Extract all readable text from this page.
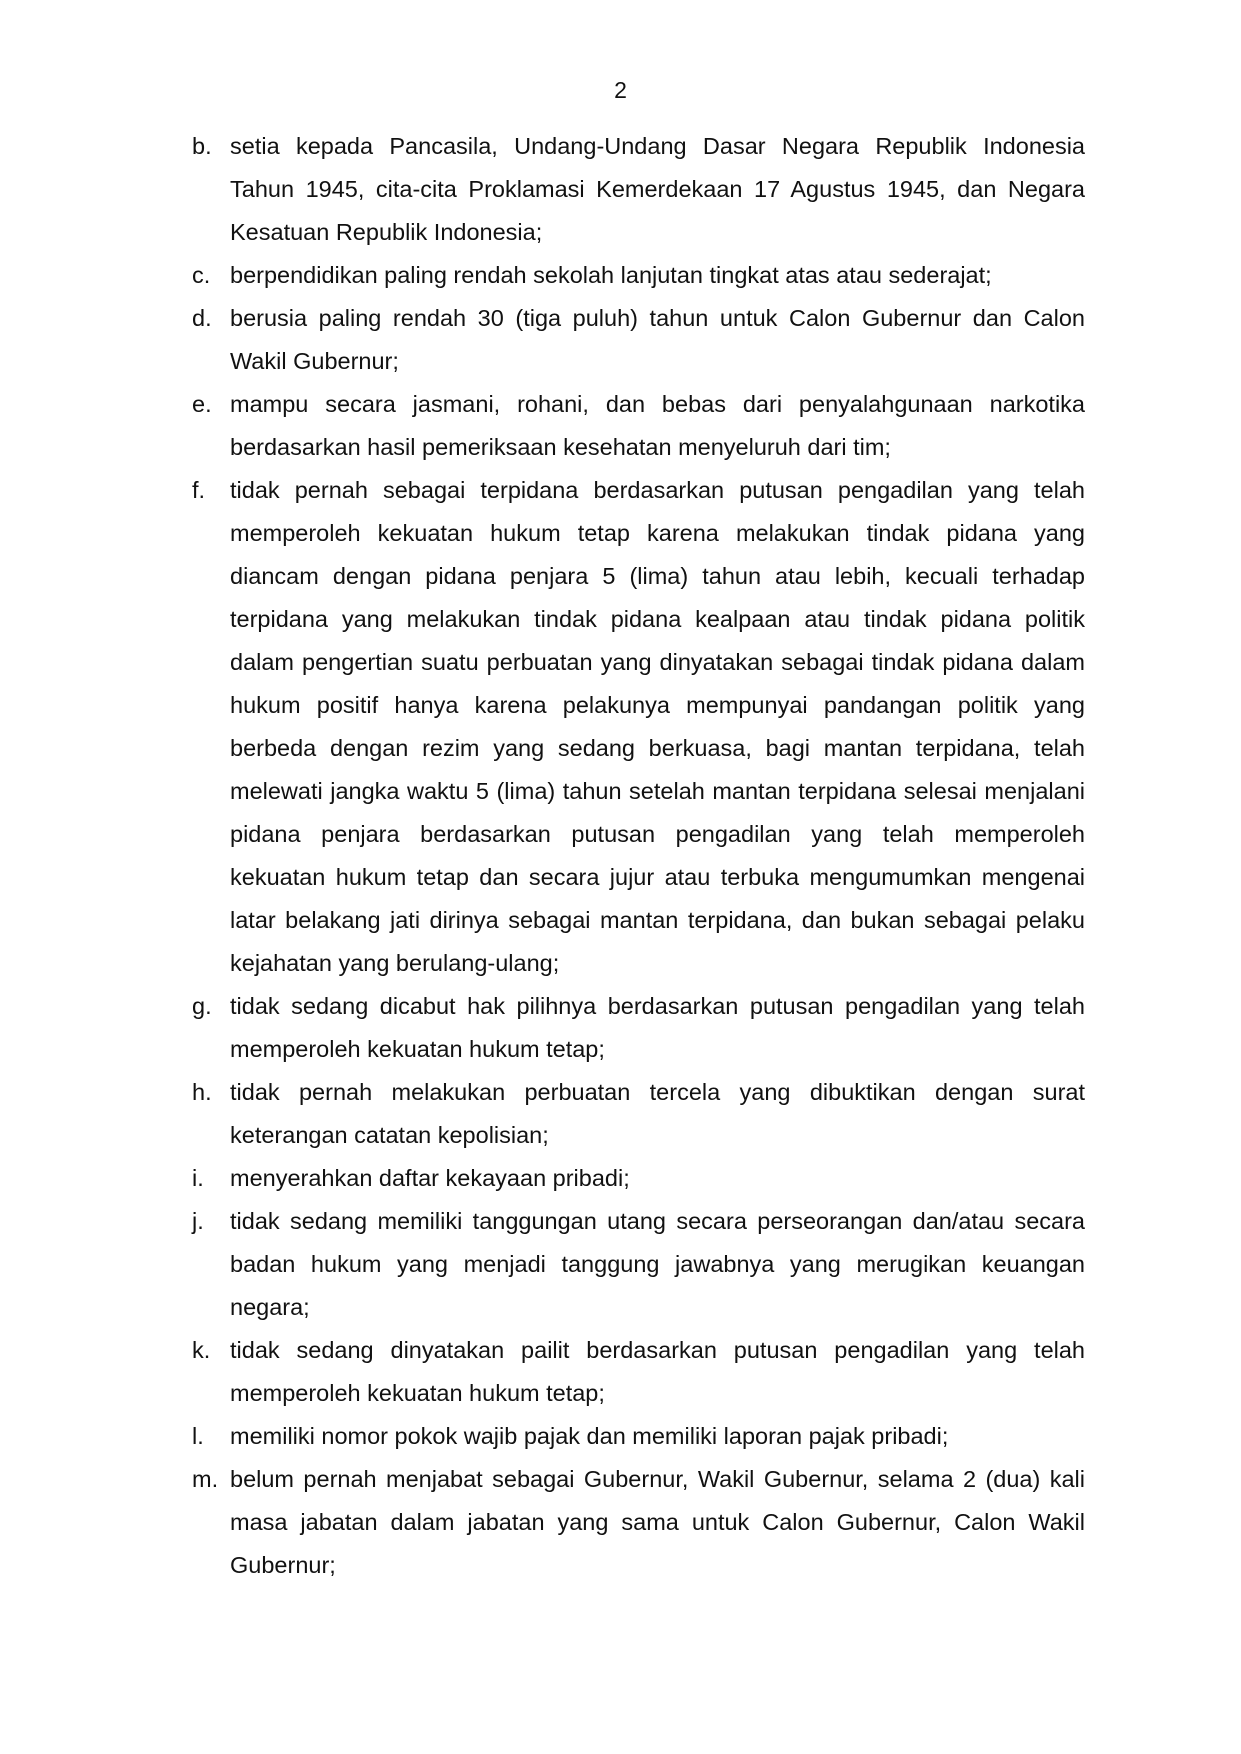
2
b. setia kepada Pancasila, Undang-Undang Dasar Negara Republik Indonesia Tahun 1945, cita-cita Proklamasi Kemerdekaan 17 Agustus 1945, dan Negara Kesatuan Republik Indonesia;
c. berpendidikan paling rendah sekolah lanjutan tingkat atas atau sederajat;
d. berusia paling rendah 30 (tiga puluh) tahun untuk Calon Gubernur dan Calon Wakil Gubernur;
e. mampu secara jasmani, rohani, dan bebas dari penyalahgunaan narkotika berdasarkan hasil pemeriksaan kesehatan menyeluruh dari tim;
f.	tidak pernah sebagai terpidana berdasarkan putusan pengadilan yang telah memperoleh kekuatan hukum tetap karena melakukan tindak pidana yang diancam dengan pidana penjara 5 (lima) tahun atau lebih, kecuali terhadap terpidana yang melakukan tindak pidana kealpaan atau tindak pidana politik dalam pengertian suatu perbuatan yang dinyatakan sebagai tindak pidana dalam hukum positif hanya karena pelakunya mempunyai pandangan politik yang berbeda dengan rezim yang sedang berkuasa, bagi mantan terpidana, telah melewati jangka waktu 5 (lima) tahun setelah mantan terpidana selesai menjalani pidana penjara berdasarkan putusan pengadilan yang telah memperoleh kekuatan hukum tetap dan secara jujur atau terbuka mengumumkan mengenai latar belakang jati dirinya sebagai mantan terpidana, dan bukan sebagai pelaku kejahatan yang berulang-ulang;
g. tidak sedang dicabut hak pilihnya berdasarkan putusan pengadilan yang telah memperoleh kekuatan hukum tetap;
h. tidak pernah melakukan perbuatan tercela yang dibuktikan dengan surat keterangan catatan kepolisian;
i.	menyerahkan daftar kekayaan pribadi;
j.	tidak sedang memiliki tanggungan utang secara perseorangan dan/atau secara badan hukum yang menjadi tanggung jawabnya yang merugikan keuangan negara;
k. tidak sedang dinyatakan pailit berdasarkan putusan pengadilan yang telah memperoleh kekuatan hukum tetap;
l.	memiliki nomor pokok wajib pajak dan memiliki laporan pajak pribadi;
m. belum pernah menjabat sebagai Gubernur, Wakil Gubernur, selama 2 (dua) kali masa jabatan dalam jabatan yang sama untuk Calon Gubernur, Calon Wakil Gubernur;
